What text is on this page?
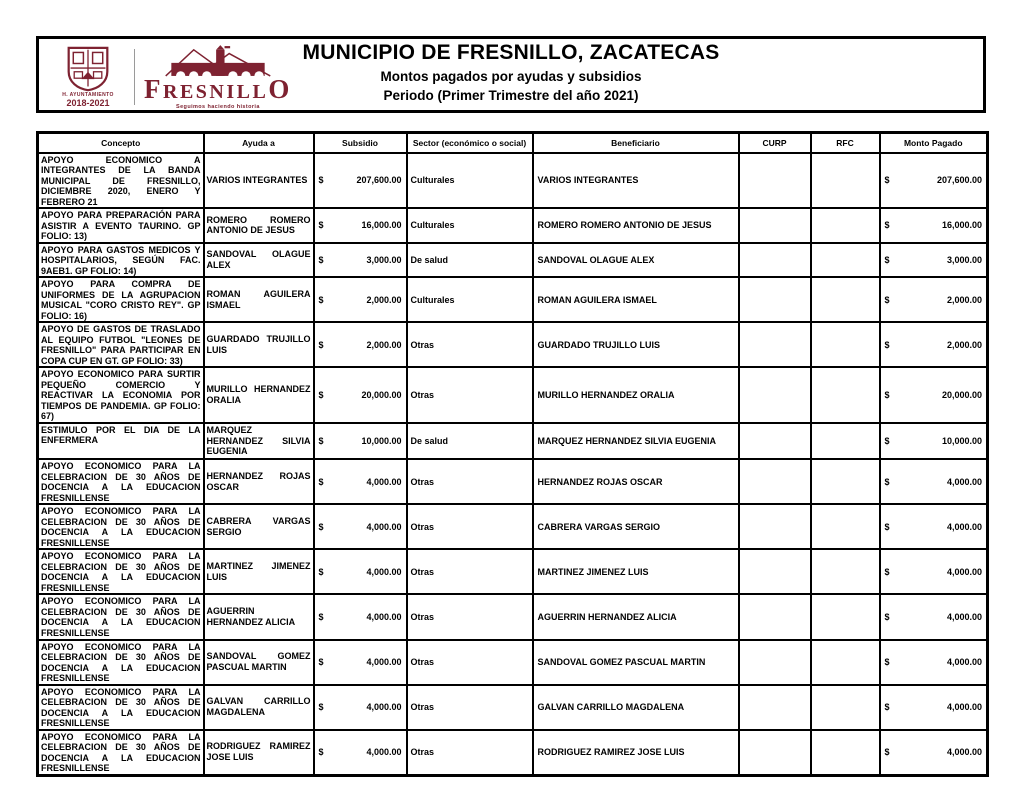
H. AYUNTAMIENTO
2018-2021	FRESNILLO
Seguimos haciendo historia
MUNICIPIO DE FRESNILLO, ZACATECAS
Montos pagados por ayudas y subsidios
Periodo (Primer Trimestre del año 2021)
Concepto	Ayuda a	Subsidio	Sector (económico o social)	Beneficiario	CURP	RFC	Monto Pagado
APOYO ECONOMICO A INTEGRANTES DE LA BANDA MUNICIPAL DE FRESNILLO, DICIEMBRE 2020, ENERO Y FEBRERO 21	VARIOS INTEGRANTES	$ 207,600.00	Culturales	VARIOS INTEGRANTES			$ 207,600.00

APOYO PARA PREPARACIÓN PARA ASISTIR A EVENTO TAURINO. GP FOLIO: 13)	ROMERO ROMERO ANTONIO DE JESUS	$ 16,000.00	Culturales	ROMERO ROMERO ANTONIO DE JESUS			$ 16,000.00

APOYO PARA GASTOS MEDICOS Y HOSPITALARIOS, SEGÚN FAC. 9AEB1. GP FOLIO: 14)	SANDOVAL OLAGUE ALEX	$ 3,000.00	De salud	SANDOVAL OLAGUE ALEX			$ 3,000.00

APOYO PARA COMPRA DE UNIFORMES DE LA AGRUPACION MUSICAL "CORO CRISTO REY". GP FOLIO: 16)	ROMAN AGUILERA ISMAEL	$ 2,000.00	Culturales	ROMAN AGUILERA ISMAEL			$ 2,000.00

APOYO DE GASTOS DE TRASLADO AL EQUIPO FUTBOL "LEONES DE FRESNILLO" PARA PARTICIPAR EN COPA CUP EN GT. GP FOLIO: 33)	GUARDADO TRUJILLO LUIS	$ 2,000.00	Otras	GUARDADO TRUJILLO LUIS			$ 2,000.00

APOYO ECONOMICO PARA SURTIR PEQUEÑO COMERCIO Y REACTIVAR LA ECONOMIA POR TIEMPOS DE PANDEMIA. GP FOLIO: 67)	MURILLO HERNANDEZ ORALIA	$ 20,000.00	Otras	MURILLO HERNANDEZ ORALIA			$ 20,000.00

ESTIMULO POR EL DIA DE LA ENFERMERA	MARQUEZ HERNANDEZ SILVIA EUGENIA	$ 10,000.00	De salud	MARQUEZ HERNANDEZ SILVIA EUGENIA			$ 10,000.00

APOYO ECONOMICO PARA LA CELEBRACION DE 30 AÑOS DE DOCENCIA A LA EDUCACION FRESNILLENSE	HERNANDEZ ROJAS OSCAR	$ 4,000.00	Otras	HERNANDEZ ROJAS OSCAR			$ 4,000.00

APOYO ECONOMICO PARA LA CELEBRACION DE 30 AÑOS DE DOCENCIA A LA EDUCACION FRESNILLENSE	CABRERA VARGAS SERGIO	$ 4,000.00	Otras	CABRERA VARGAS SERGIO			$ 4,000.00

APOYO ECONOMICO PARA LA CELEBRACION DE 30 AÑOS DE DOCENCIA A LA EDUCACION FRESNILLENSE	MARTINEZ JIMENEZ LUIS	$ 4,000.00	Otras	MARTINEZ JIMENEZ LUIS			$ 4,000.00

APOYO ECONOMICO PARA LA CELEBRACION DE 30 AÑOS DE DOCENCIA A LA EDUCACION FRESNILLENSE	AGUERRIN HERNANDEZ ALICIA	$ 4,000.00	Otras	AGUERRIN HERNANDEZ ALICIA			$ 4,000.00

APOYO ECONOMICO PARA LA CELEBRACION DE 30 AÑOS DE DOCENCIA A LA EDUCACION FRESNILLENSE	SANDOVAL GOMEZ PASCUAL MARTIN	$ 4,000.00	Otras	SANDOVAL GOMEZ PASCUAL MARTIN			$ 4,000.00

APOYO ECONOMICO PARA LA CELEBRACION DE 30 AÑOS DE DOCENCIA A LA EDUCACION FRESNILLENSE	GALVAN CARRILLO MAGDALENA	$ 4,000.00	Otras	GALVAN CARRILLO MAGDALENA			$ 4,000.00

APOYO ECONOMICO PARA LA CELEBRACION DE 30 AÑOS DE DOCENCIA A LA EDUCACION FRESNILLENSE	RODRIGUEZ RAMIREZ JOSE LUIS	$ 4,000.00	Otras	RODRIGUEZ RAMIREZ JOSE LUIS			$ 4,000.00
